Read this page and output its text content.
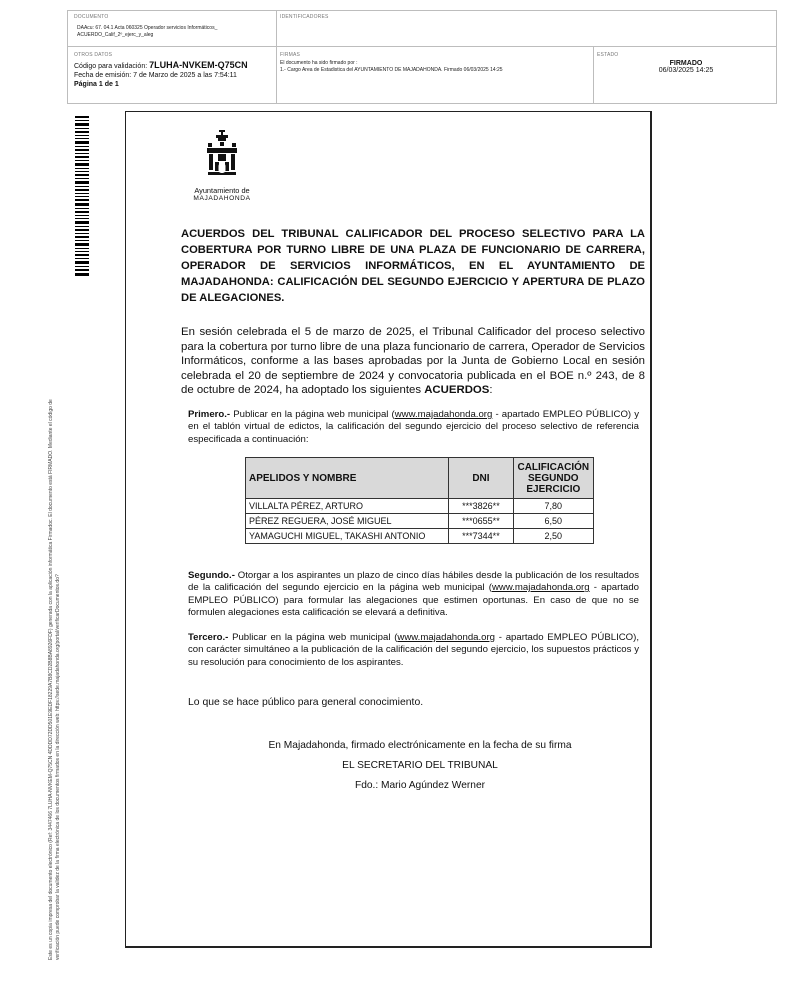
DOCUMENTO
DAAcu: 67. 04.1 Acta 060325 Operador servicios Informáticos_
ACUERDO_Calif_2º_ejerc_y_aleg
IDENTIFICADORES
OTROS DATOS
Código para validación: 7LUHA-NVKEM-Q75CN
Fecha de emisión: 7 de Marzo de 2025 a las 7:54:11
Página 1 de 1
FIRMAS
El documento ha sido firmado por :
1.- Cargo Area de Estadistica del AYUNTAMIENTO DE MAJADAHONDA. Firmado 06/03/2025 14:25
ESTADO
FIRMADO
06/03/2025 14:25
Este es un copia impresa del documento electrónico (Ref: 3447466 7LUHA-NVKEM-Q75CN 4DDDD72DD501E9EDF18229A7B8CD2B8BA8926FDF) generada con la aplicación informática Firmadoc. El documento está FIRMADO. Mediante el código de verificación puede comprobar la validez de la firma electrónica de los documentos firmados en la dirección web: https://sede.majadahonda.org/portal/verificarDocumentos.do?
Ayuntamiento de
MAJADAHONDA
ACUERDOS DEL TRIBUNAL CALIFICADOR DEL PROCESO SELECTIVO PARA LA COBERTURA POR TURNO LIBRE DE UNA PLAZA DE FUNCIONARIO DE CARRERA, OPERADOR DE SERVICIOS INFORMÁTICOS, EN EL AYUNTAMIENTO DE MAJADAHONDA: CALIFICACIÓN DEL SEGUNDO EJERCICIO Y APERTURA DE PLAZO DE ALEGACIONES.
En sesión celebrada el 5 de marzo de 2025, el Tribunal Calificador del proceso selectivo para la cobertura por turno libre de una plaza funcionario de carrera, Operador de Servicios Informáticos, conforme a las bases aprobadas por la Junta de Gobierno Local en sesión celebrada el 20 de septiembre de 2024 y convocatoria publicada en el BOE n.º 243, de 8 de octubre de 2024, ha adoptado los siguientes ACUERDOS:
Primero.- Publicar en la página web municipal (www.majadahonda.org - apartado EMPLEO PÚBLICO) y en el tablón virtual de edictos, la calificación del segundo ejercicio del proceso selectivo de referencia especificada a continuación:
APELIDOS Y NOMBRE	DNI	CALIFICACIÓN SEGUNDO EJERCICIO
VILLALTA PÉREZ, ARTURO	***3826**	7,80
PÉREZ REGUERA, JOSÉ MIGUEL	***0655**	6,50
YAMAGUCHI MIGUEL, TAKASHI ANTONIO	***7344**	2,50
Segundo.- Otorgar a los aspirantes un plazo de cinco días hábiles desde la publicación de los resultados de la calificación del segundo ejercicio en la página web municipal (www.majadahonda.org - apartado EMPLEO PÚBLICO) para formular las alegaciones que estimen oportunas. En caso de que no se formulen alegaciones esta calificación se elevará a definitiva.
Tercero.- Publicar en la página web municipal (www.majadahonda.org - apartado EMPLEO PÚBLICO), con carácter simultáneo a la publicación de la calificación del segundo ejercicio, los supuestos prácticos y su resolución para conocimiento de los aspirantes.
Lo que se hace público para general conocimiento.
En Majadahonda, firmado electrónicamente en la fecha de su firma
EL SECRETARIO DEL TRIBUNAL
Fdo.: Mario Agúndez Werner
